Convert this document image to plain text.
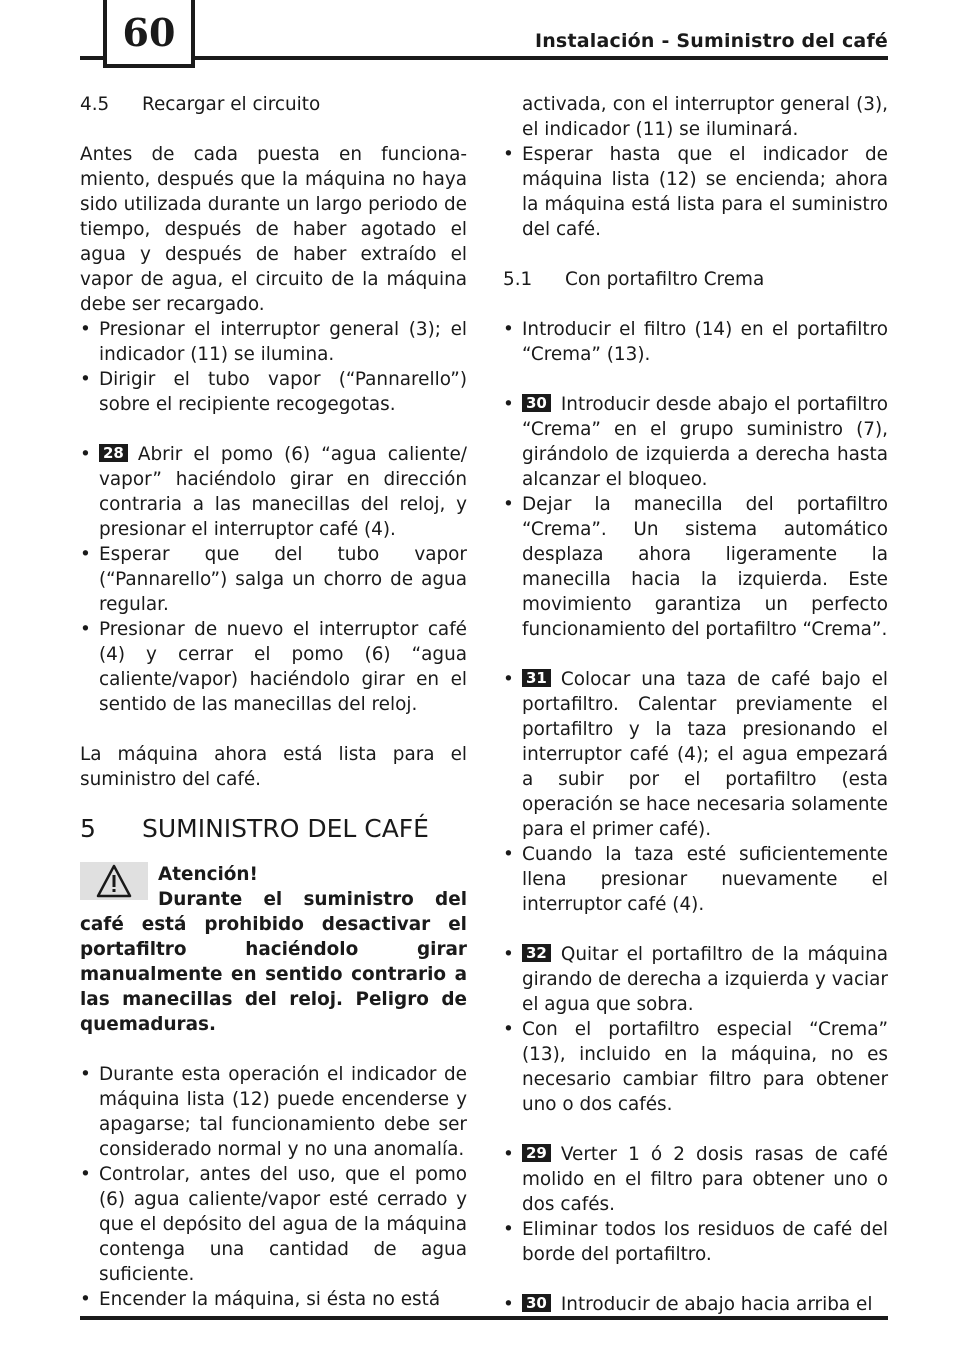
60	Instalación - Suministro del café
4.5	Recargar el circuito

Antes de cada puesta en funciona-miento, después que la máquina no haya sido utilizada durante un largo periodo de tiempo, después de haber agotado el agua y después de haber extraído el vapor de agua, el circuito de la máquina debe ser recargado.

• Presionar el interruptor general (3); el indicador (11) se ilumina.
• Dirigir el tubo vapor (“Pannarello”) sobre el recipiente recogegotas.
• 28 Abrir el pomo (6) “agua caliente/ vapor” haciéndolo girar en dirección contraria a las manecillas del reloj, y presionar el interruptor café (4).
• Esperar que del tubo vapor (“Pannarello”) salga un chorro de agua regular.
• Presionar de nuevo el interruptor café (4) y cerrar el pomo (6) “agua caliente/vapor) haciéndolo girar en el sentido de las manecillas del reloj.

La máquina ahora está lista para el suministro del café.

5	SUMINISTRO DEL CAFÉ

Atención!

Durante el suministro del café está prohibido desactivar el portafiltro haciéndolo girar manualmente en sentido contrario a las manecillas del reloj. Peligro de quemaduras.

• Durante esta operación el indicador de máquina lista (12) puede encenderse y apagarse; tal funcionamiento debe ser considerado normal y no una anomalía.
• Controlar, antes del uso, que el pomo (6) agua caliente/vapor esté cerrado y que el depósito del agua de la máquina contenga una cantidad de agua suficiente.
• Encender la máquina, si ésta no está

activada, con el interruptor general (3), el indicador (11) se iluminará.

• Esperar hasta que el indicador de máquina lista (12) se encienda; ahora la máquina está lista para el suministro del café.
5.1	Con portafiltro Crema
• Introducir el filtro (14) en el portafiltro “Crema” (13).
• 30 Introducir desde abajo el portafiltro “Crema” en el grupo suministro (7), girándolo de izquierda a derecha hasta alcanzar el bloqueo.
• Dejar la manecilla del portafiltro “Crema”. Un sistema automático desplaza ahora ligeramente la manecilla hacia la izquierda. Este movimiento garantiza un perfecto funcionamiento del portafiltro “Crema”.
• 31 Colocar una taza de café bajo el portafiltro. Calentar previamente el portafiltro y la taza presionando el interruptor café (4); el agua empezará a subir por el portafiltro (esta operación se hace necesaria solamente para el primer café).
• Cuando la taza esté suficientemente llena presionar nuevamente el interruptor café (4).
• 32 Quitar el portafiltro de la máquina girando de derecha a izquierda y vaciar el agua que sobra.
• Con el portafiltro especial “Crema” (13), incluido en la máquina, no es necesario cambiar filtro para obtener uno o dos cafés.
• 29 Verter 1 ó 2 dosis rasas de café molido en el filtro para obtener uno o dos cafés.
• Eliminar todos los residuos de café del borde del portafiltro.
• 30 Introducir de abajo hacia arriba el
